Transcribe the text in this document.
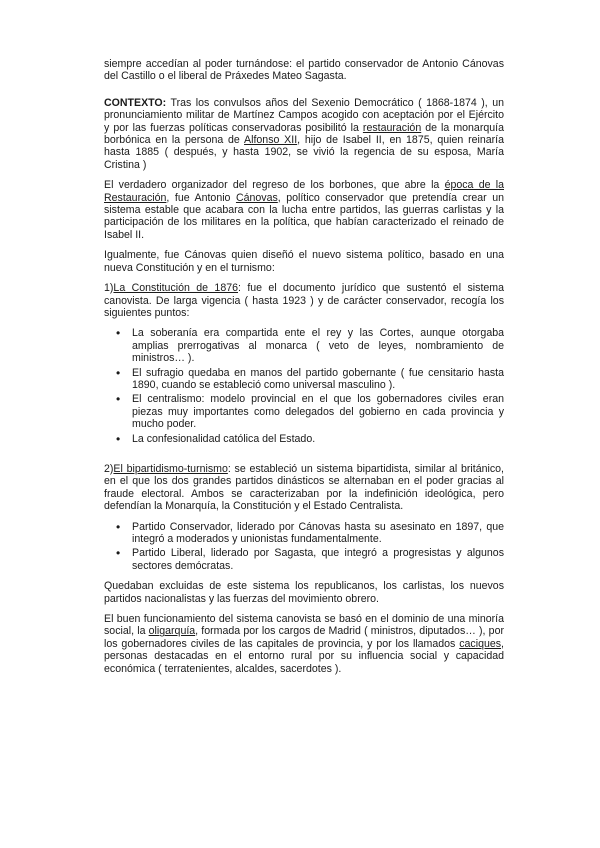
siempre accedían al poder turnándose: el partido conservador de Antonio Cánovas del Castillo o el liberal de Práxedes Mateo Sagasta.

CONTEXTO: Tras los convulsos años del Sexenio Democrático ( 1868-1874 ), un pronunciamiento militar de Martínez Campos acogido con aceptación por el Ejército y por las fuerzas políticas conservadoras posibilitó la restauración de la monarquía borbónica en la persona de Alfonso XII, hijo de Isabel II, en 1875, quien reinaría hasta 1885 ( después, y hasta 1902, se vivió la regencia de su esposa, María Cristina )

El verdadero organizador del regreso de los borbones, que abre la época de la Restauración, fue Antonio Cánovas, político conservador que pretendía crear un sistema estable que acabara con la lucha entre partidos, las guerras carlistas y la participación de los militares en la política, que habían caracterizado el reinado de Isabel II.

Igualmente, fue Cánovas quien diseñó el nuevo sistema político, basado en una nueva Constitución y en el turnismo:

1)La Constitución de 1876: fue el documento jurídico que sustentó el sistema canovista. De larga vigencia ( hasta 1923 ) y de carácter conservador, recogía los siguientes puntos:

• La soberanía era compartida ente el rey y las Cortes, aunque otorgaba amplias prerrogativas al monarca ( veto de leyes, nombramiento de ministros… ).
• El sufragio quedaba en manos del partido gobernante ( fue censitario hasta 1890, cuando se estableció como universal masculino ).
• El centralismo: modelo provincial en el que los gobernadores civiles eran piezas muy importantes como delegados del gobierno en cada provincia y mucho poder.
• La confesionalidad católica del Estado.

2)El bipartidismo-turnismo: se estableció un sistema bipartidista, similar al británico, en el que los dos grandes partidos dinásticos se alternaban en el poder gracias al fraude electoral. Ambos se caracterizaban por la indefinición ideológica, pero defendían la Monarquía, la Constitución y el Estado Centralista.

• Partido Conservador, liderado por Cánovas hasta su asesinato en 1897, que integró a moderados y unionistas fundamentalmente.
• Partido Liberal, liderado por Sagasta, que integró a progresistas y algunos sectores demócratas.

Quedaban excluidas de este sistema los republicanos, los carlistas, los nuevos partidos nacionalistas y las fuerzas del movimiento obrero.

El buen funcionamiento del sistema canovista se basó en el dominio de una minoría social, la oligarquía, formada por los cargos de Madrid ( ministros, diputados… ), por los gobernadores civiles de las capitales de provincia, y por los llamados caciques, personas destacadas en el entorno rural por su influencia social y capacidad económica ( terratenientes, alcaldes, sacerdotes ).
